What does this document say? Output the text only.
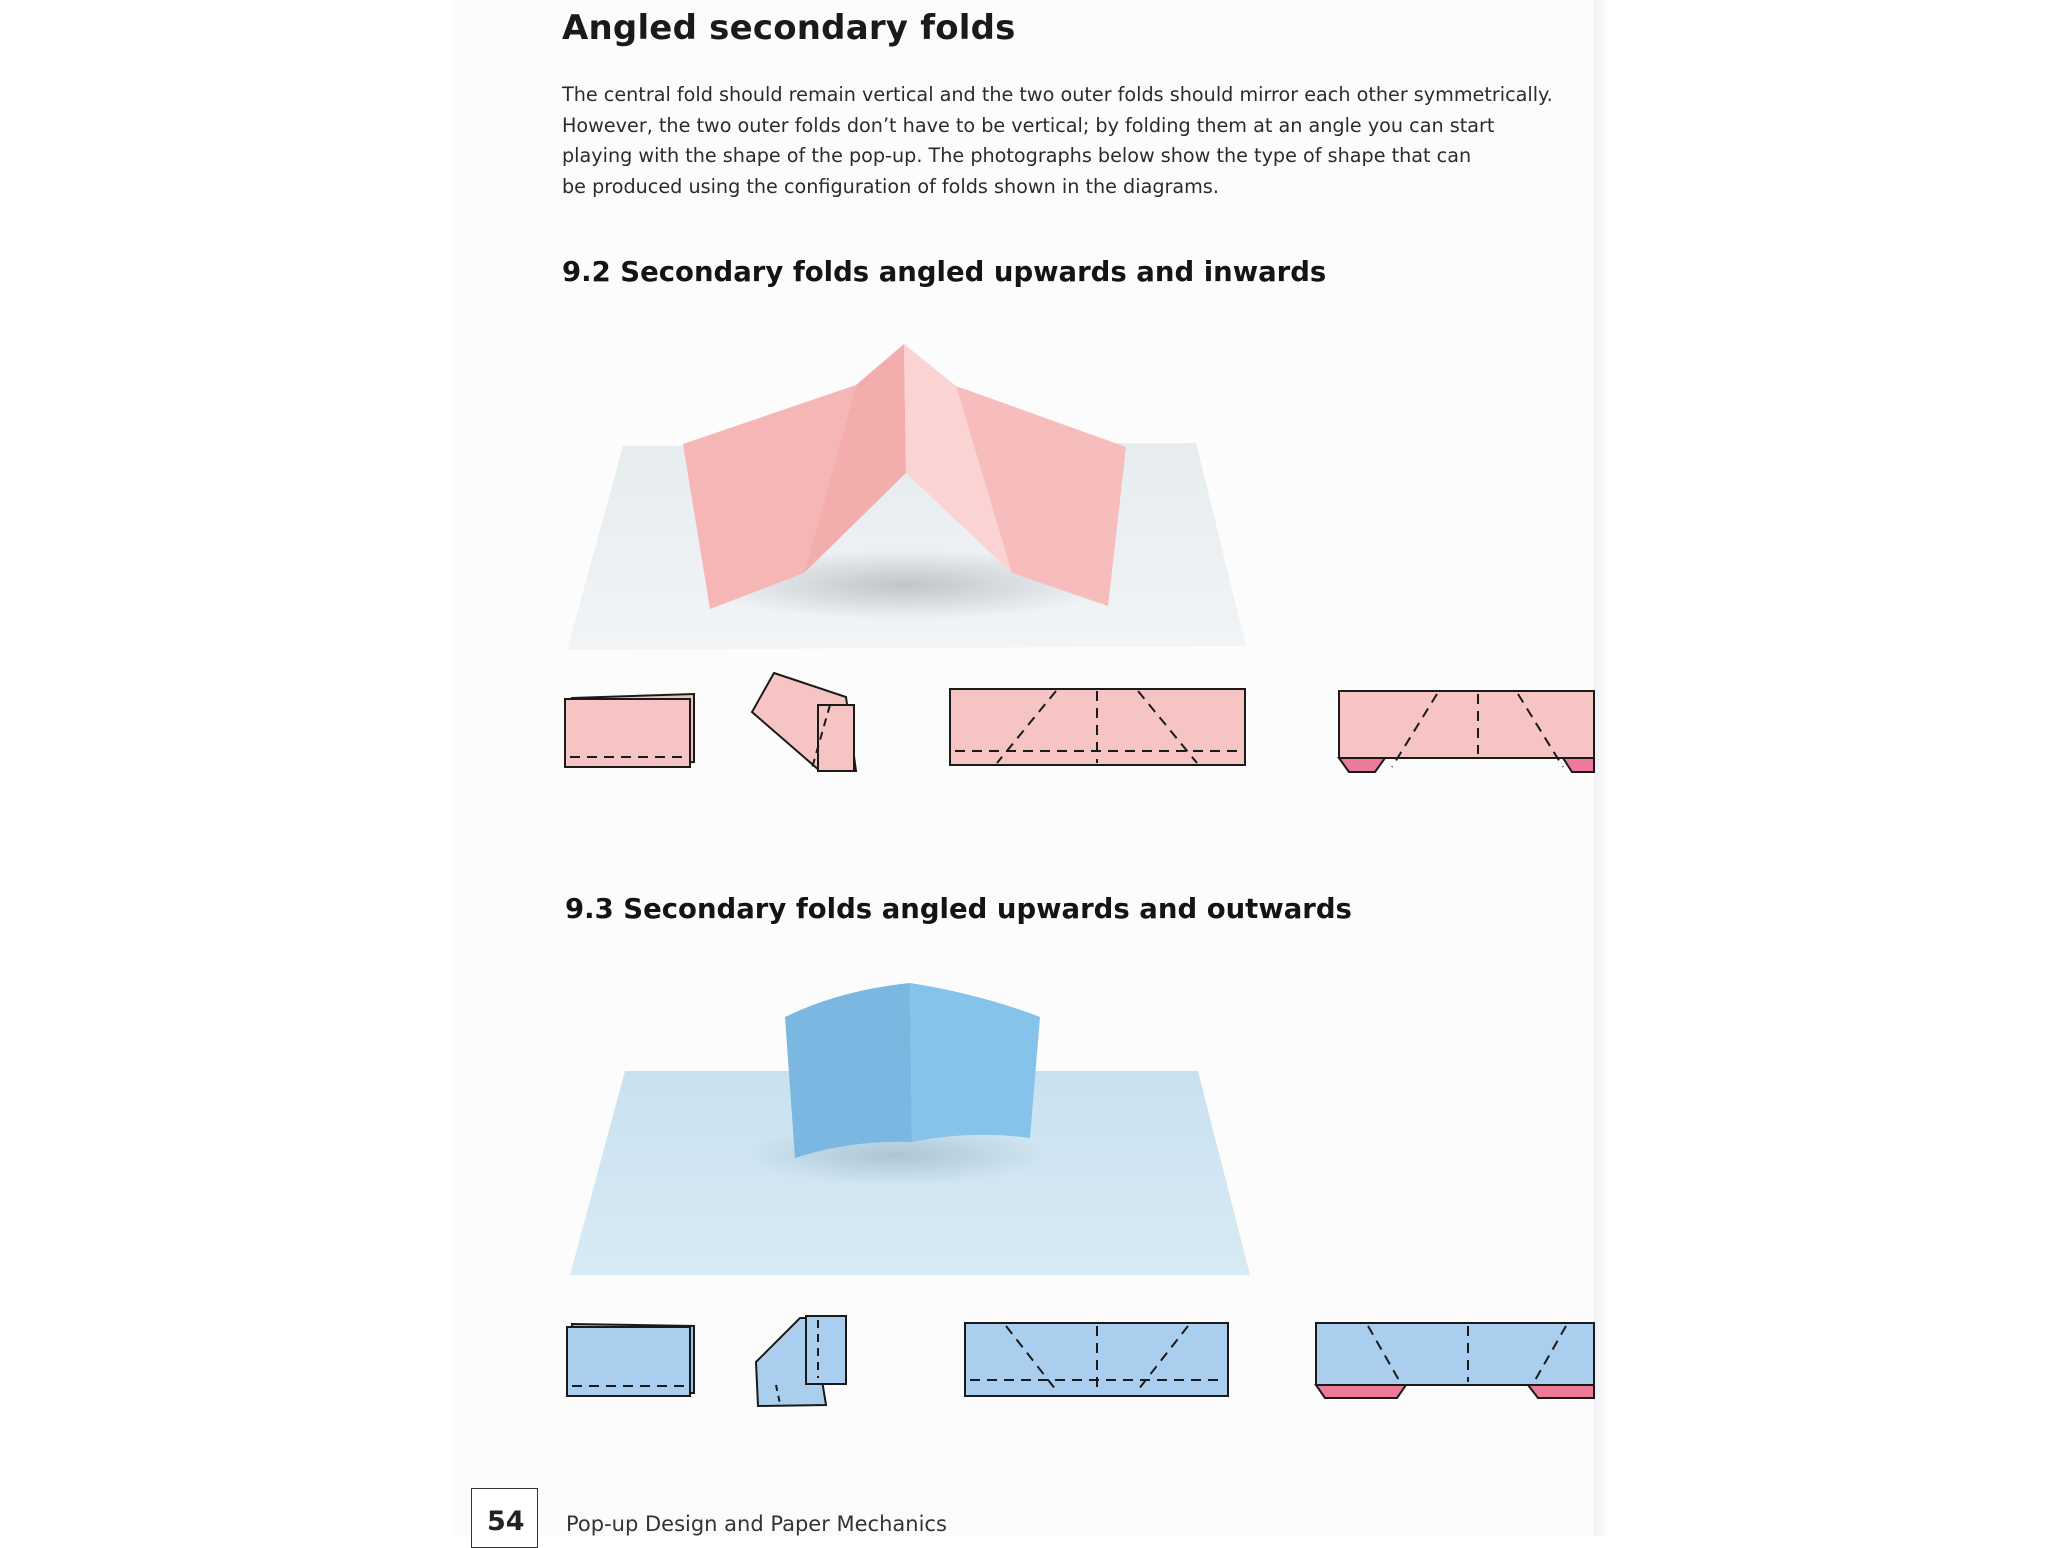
Angled secondary folds

The central fold should remain vertical and the two outer folds should mirror each other symmetrically.

However, the two outer folds don’t have to be vertical; by folding them at an angle you can start

playing with the shape of the pop-up. The photographs below show the type of shape that can

be produced using the configuration of folds shown in the diagrams.

9.2 Secondary folds angled upwards and inwards
9.3 Secondary folds angled upwards and outwards
54 Pop-up Design and Paper Mechanics
